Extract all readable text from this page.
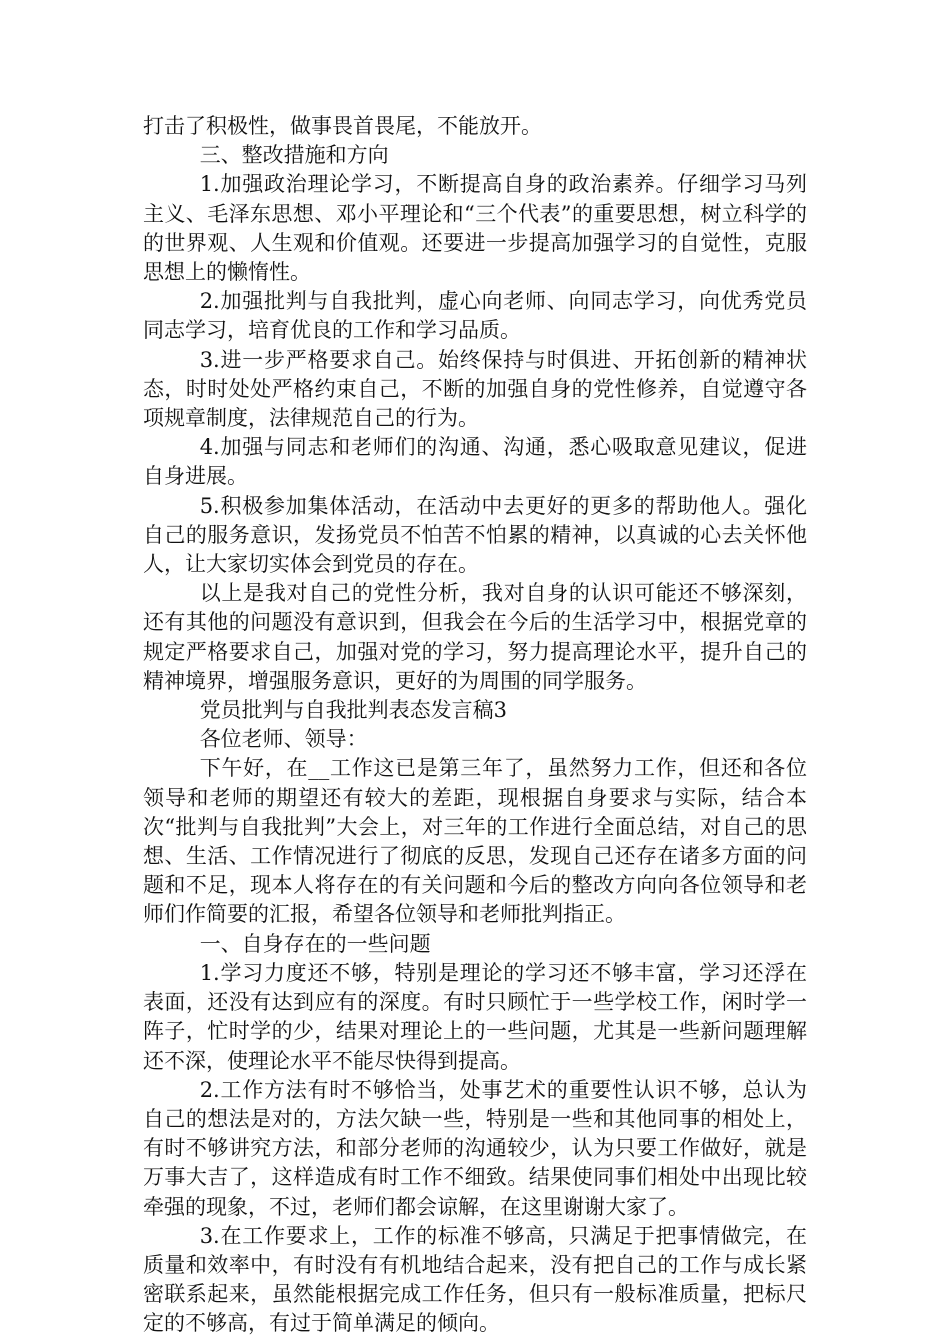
打击了积极性，做事畏首畏尾，不能放开。

三、整改措施和方向

1.加强政治理论学习，不断提高自身的政治素养。仔细学习马列主义、毛泽东思想、邓小平理论和“三个代表”的重要思想，树立科学的的世界观、人生观和价值观。还要进一步提高加强学习的自觉性，克服思想上的懒惰性。

2.加强批判与自我批判，虚心向老师、向同志学习，向优秀党员同志学习，培育优良的工作和学习品质。

3.进一步严格要求自己。始终保持与时俱进、开拓创新的精神状态，时时处处严格约束自己，不断的加强自身的党性修养，自觉遵守各项规章制度，法律规范自己的行为。

4.加强与同志和老师们的沟通、沟通，悉心吸取意见建议，促进自身进展。

5.积极参加集体活动，在活动中去更好的更多的帮助他人。强化自己的服务意识，发扬党员不怕苦不怕累的精神，以真诚的心去关怀他人，让大家切实体会到党员的存在。

以上是我对自己的党性分析，我对自身的认识可能还不够深刻，还有其他的问题没有意识到，但我会在今后的生活学习中，根据党章的规定严格要求自己，加强对党的学习，努力提高理论水平，提升自己的精神境界，增强服务意识，更好的为周围的同学服务。

党员批判与自我批判表态发言稿3

各位老师、领导：

下午好，在__工作这已是第三年了，虽然努力工作，但还和各位领导和老师的期望还有较大的差距，现根据自身要求与实际，结合本次“批判与自我批判”大会上，对三年的工作进行全面总结，对自己的思想、生活、工作情况进行了彻底的反思，发现自己还存在诸多方面的问题和不足，现本人将存在的有关问题和今后的整改方向向各位领导和老师们作简要的汇报，希望各位领导和老师批判指正。

一、自身存在的一些问题

1.学习力度还不够，特别是理论的学习还不够丰富，学习还浮在表面，还没有达到应有的深度。有时只顾忙于一些学校工作，闲时学一阵子，忙时学的少，结果对理论上的一些问题，尤其是一些新问题理解还不深，使理论水平不能尽快得到提高。

2.工作方法有时不够恰当，处事艺术的重要性认识不够，总认为自己的想法是对的，方法欠缺一些，特别是一些和其他同事的相处上，有时不够讲究方法，和部分老师的沟通较少，认为只要工作做好，就是万事大吉了，这样造成有时工作不细致。结果使同事们相处中出现比较牵强的现象，不过，老师们都会谅解，在这里谢谢大家了。

3.在工作要求上，工作的标准不够高，只满足于把事情做完，在质量和效率中，有时没有有机地结合起来，没有把自己的工作与成长紧密联系起来，虽然能根据完成工作任务，但只有一般标准质量，把标尺定的不够高，有过于简单满足的倾向。
